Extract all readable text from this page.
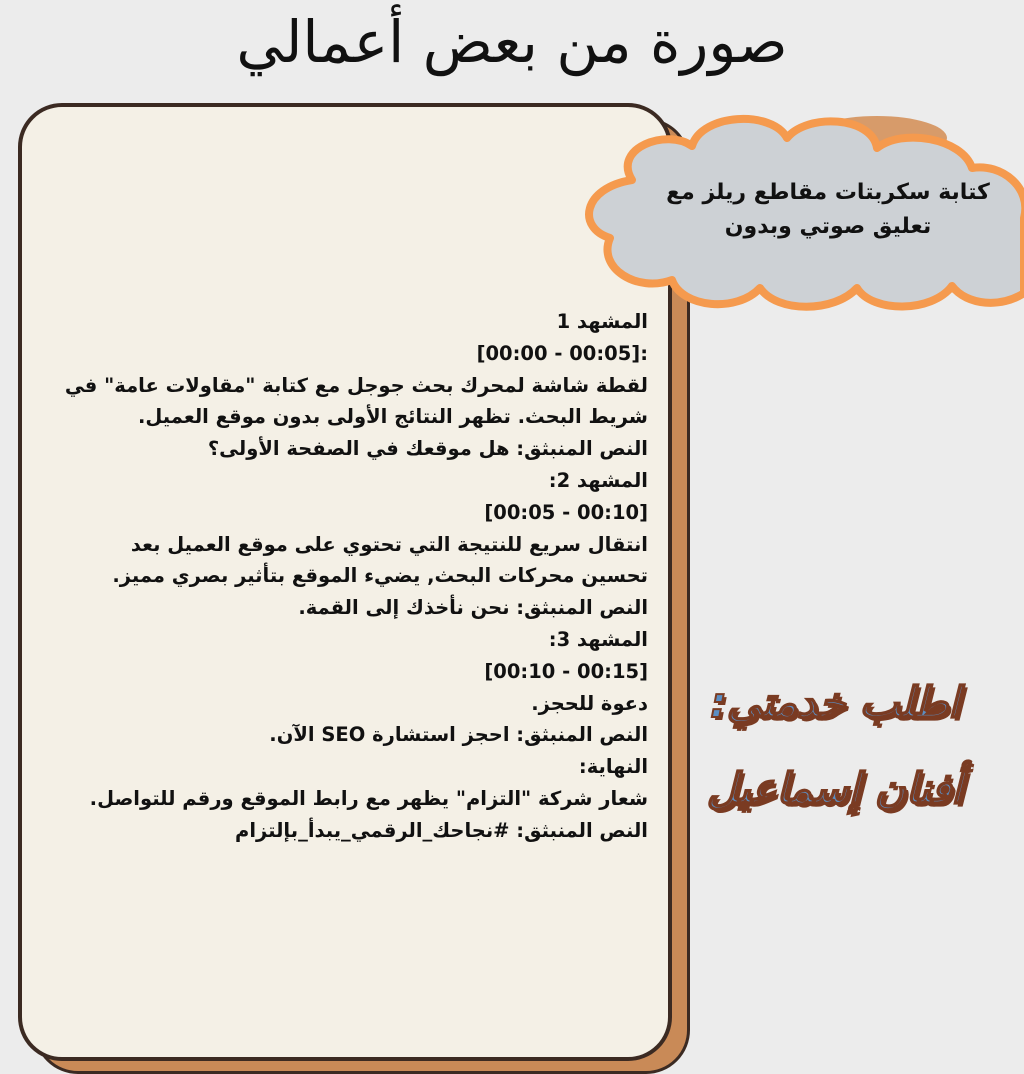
صورة من بعض أعمالي

المشهد 1

[00:00 - 00:05]:

لقطة شاشة لمحرك بحث جوجل مع كتابة "مقاولات عامة" في

شريط البحث. تظهر النتائج الأولى بدون موقع العميل.

النص المنبثق: هل موقعك في الصفحة الأولى؟

المشهد 2:

[00:05 - 00:10]

انتقال سريع للنتيجة التي تحتوي على موقع العميل بعد

تحسين محركات البحث, يضيء الموقع بتأثير بصري مميز.

النص المنبثق: نحن نأخذك إلى القمة.

المشهد 3:

[00:10 - 00:15]

دعوة للحجز.

النص المنبثق: احجز استشارة SEO الآن.

النهاية:

شعار شركة "التزام" يظهر مع رابط الموقع ورقم للتواصل.

النص المنبثق: #نجاحك_الرقمي_يبدأ_بإلتزام

كتابة سكربتات مقاطع ريلز مع
تعليق صوتي وبدون
اطلب خدمتي:
أفنان إسماعيل
